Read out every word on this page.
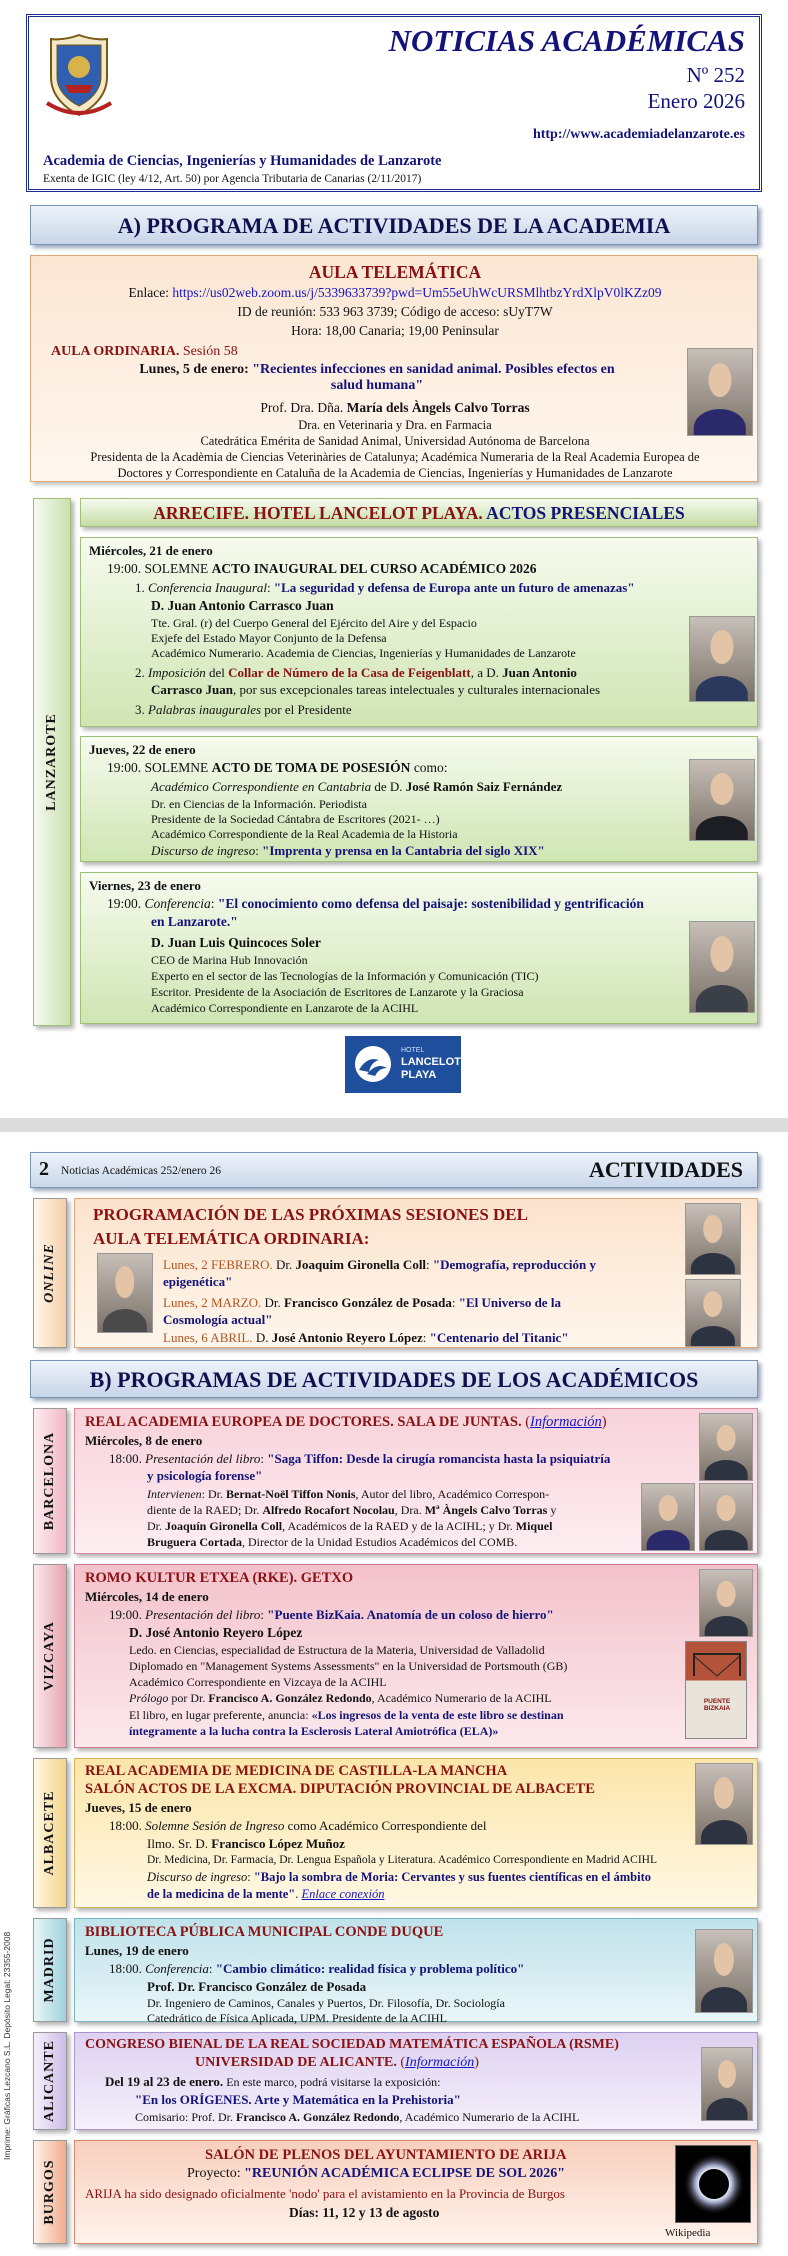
NOTICIAS ACADÉMICAS
Nº 252
Enero 2026
http://www.academiadelanzarote.es
Academia de Ciencias, Ingenierías y Humanidades de Lanzarote
Exenta de IGIC (ley 4/12, Art. 50) por Agencia Tributaria de Canarias (2/11/2017)
A) PROGRAMA DE ACTIVIDADES DE LA ACADEMIA
AULA TELEMÁTICA
Enlace: https://us02web.zoom.us/j/5339633739?pwd=Um55eUhWcURSMlhtbzYrdXlpV0lKZz09
ID de reunión: 533 963 3739; Código de acceso: sUyT7W
Hora: 18,00 Canaria; 19,00 Peninsular
AULA ORDINARIA. Sesión 58
Lunes, 5 de enero: "Recientes infecciones en sanidad animal. Posibles efectos en
salud humana"
Prof. Dra. Dña. María dels Àngels Calvo Torras
Dra. en Veterinaria y Dra. en Farmacia
Catedrática Emérita de Sanidad Animal, Universidad Autónoma de Barcelona
Presidenta de la Acadèmia de Ciencias Veterinàries de Catalunya; Académica Numeraria de la Real Academia Europea de
Doctores y Correspondiente en Cataluña de la Academia de Ciencias, Ingenierías y Humanidades de Lanzarote
LANZAROTE
ARRECIFE. HOTEL LANCELOT PLAYA. ACTOS PRESENCIALES
Miércoles, 21 de enero
19:00. SOLEMNE ACTO INAUGURAL DEL CURSO ACADÉMICO 2026
1. Conferencia Inaugural: "La seguridad y defensa de Europa ante un futuro de amenazas"
D. Juan Antonio Carrasco Juan
Tte. Gral. (r) del Cuerpo General del Ejército del Aire y del Espacio
Exjefe del Estado Mayor Conjunto de la Defensa
Académico Numerario. Academia de Ciencias, Ingenierías y Humanidades de Lanzarote
2. Imposición del Collar de Número de la Casa de Feigenblatt, a D. Juan Antonio
Carrasco Juan, por sus excepcionales tareas intelectuales y culturales internacionales
3. Palabras inaugurales por el Presidente
Jueves, 22 de enero
19:00. SOLEMNE ACTO DE TOMA DE POSESIÓN como:
Académico Correspondiente en Cantabria de D. José Ramón Saiz Fernández
Dr. en Ciencias de la Información. Periodista
Presidente de la Sociedad Cántabra de Escritores (2021- …)
Académico Correspondiente de la Real Academia de la Historia
Discurso de ingreso: "Imprenta y prensa en la Cantabria del siglo XIX"
Viernes, 23 de enero
19:00. Conferencia: "El conocimiento como defensa del paisaje: sostenibilidad y gentrificación
en Lanzarote."
D. Juan Luis Quincoces Soler
CEO de Marina Hub Innovación
Experto en el sector de las Tecnologías de la Información y Comunicación (TIC)
Escritor. Presidente de la Asociación de Escritores de Lanzarote y la Graciosa
Académico Correspondiente en Lanzarote de la ACIHL
HOTEL
LANCELOT
PLAYA
2 Noticias Académicas 252/enero 26	ACTIVIDADES
ONLINE
PROGRAMACIÓN DE LAS PRÓXIMAS SESIONES DEL
AULA TELEMÁTICA ORDINARIA:
Lunes, 2 FEBRERO. Dr. Joaquim Gironella Coll: "Demografía, reproducción y
epigenética"
Lunes, 2 MARZO. Dr. Francisco González de Posada: "El Universo de la
Cosmología actual"
Lunes, 6 ABRIL. D. José Antonio Reyero López: "Centenario del Titanic"
B) PROGRAMAS DE ACTIVIDADES DE LOS ACADÉMICOS
BARCELONA
REAL ACADEMIA EUROPEA DE DOCTORES. SALA DE JUNTAS. (Información)
Miércoles, 8 de enero
18:00. Presentación del libro: "Saga Tiffon: Desde la cirugía romancista hasta la psiquiatría
y psicología forense"
Intervienen: Dr. Bernat-Noël Tiffon Nonis, Autor del libro, Académico Correspon-
diente de la RAED; Dr. Alfredo Rocafort Nocolau, Dra. Mª Àngels Calvo Torras y
Dr. Joaquín Gironella Coll, Académicos de la RAED y de la ACIHL; y Dr. Miquel
Bruguera Cortada, Director de la Unidad Estudios Académicos del COMB.
VIZCAYA
ROMO KULTUR ETXEA (RKE). GETXO
Miércoles, 14 de enero
19:00. Presentación del libro: "Puente BizKaia. Anatomía de un coloso de hierro"
D. José Antonio Reyero López
Ledo. en Ciencias, especialidad de Estructura de la Materia, Universidad de Valladolid
Diplomado en "Management Systems Assessments" en la Universidad de Portsmouth (GB)
Académico Correspondiente en Vizcaya de la ACIHL
Prólogo por Dr. Francisco A. González Redondo, Académico Numerario de la ACIHL
El libro, en lugar preferente, anuncia: «Los ingresos de la venta de este libro se destinan
íntegramente a la lucha contra la Esclerosis Lateral Amiotrófica (ELA)»
PUENTE BIZKAIA
ALBACETE
REAL ACADEMIA DE MEDICINA DE CASTILLA-LA MANCHA
SALÓN ACTOS DE LA EXCMA. DIPUTACIÓN PROVINCIAL DE ALBACETE
Jueves, 15 de enero
18:00. Solemne Sesión de Ingreso como Académico Correspondiente del
Ilmo. Sr. D. Francisco López Muñoz
Dr. Medicina, Dr. Farmacia, Dr. Lengua Española y Literatura. Académico Correspondiente en Madrid ACIHL
Discurso de ingreso: "Bajo la sombra de Moria: Cervantes y sus fuentes científicas en el ámbito
de la medicina de la mente". Enlace conexión
MADRID
BIBLIOTECA PÚBLICA MUNICIPAL CONDE DUQUE
Lunes, 19 de enero
18:00. Conferencia: "Cambio climático: realidad física y problema político"
Prof. Dr. Francisco González de Posada
Dr. Ingeniero de Caminos, Canales y Puertos, Dr. Filosofía, Dr. Sociología
Catedrático de Física Aplicada, UPM. Presidente de la ACIHL
ALICANTE CONGRESO BIENAL DE LA REAL SOCIEDAD MATEMÁTICA ESPAÑOLA (RSME)
UNIVERSIDAD DE ALICANTE. (Información)
Del 19 al 23 de enero. En este marco, podrá visitarse la exposición:
"En los ORÍGENES. Arte y Matemática en la Prehistoria"
Comisario: Prof. Dr. Francisco A. González Redondo, Académico Numerario de la ACIHL
BURGOS
SALÓN DE PLENOS DEL AYUNTAMIENTO DE ARIJA
Proyecto: "REUNIÓN ACADÉMICA ECLIPSE DE SOL 2026"
ARIJA ha sido designado oficialmente 'nodo' para el avistamiento en la Provincia de Burgos
Días: 11, 12 y 13 de agosto
Wikipedia
Imprime: Gráficas Lezcano S.L. Depósito Legal: 23355-2008
